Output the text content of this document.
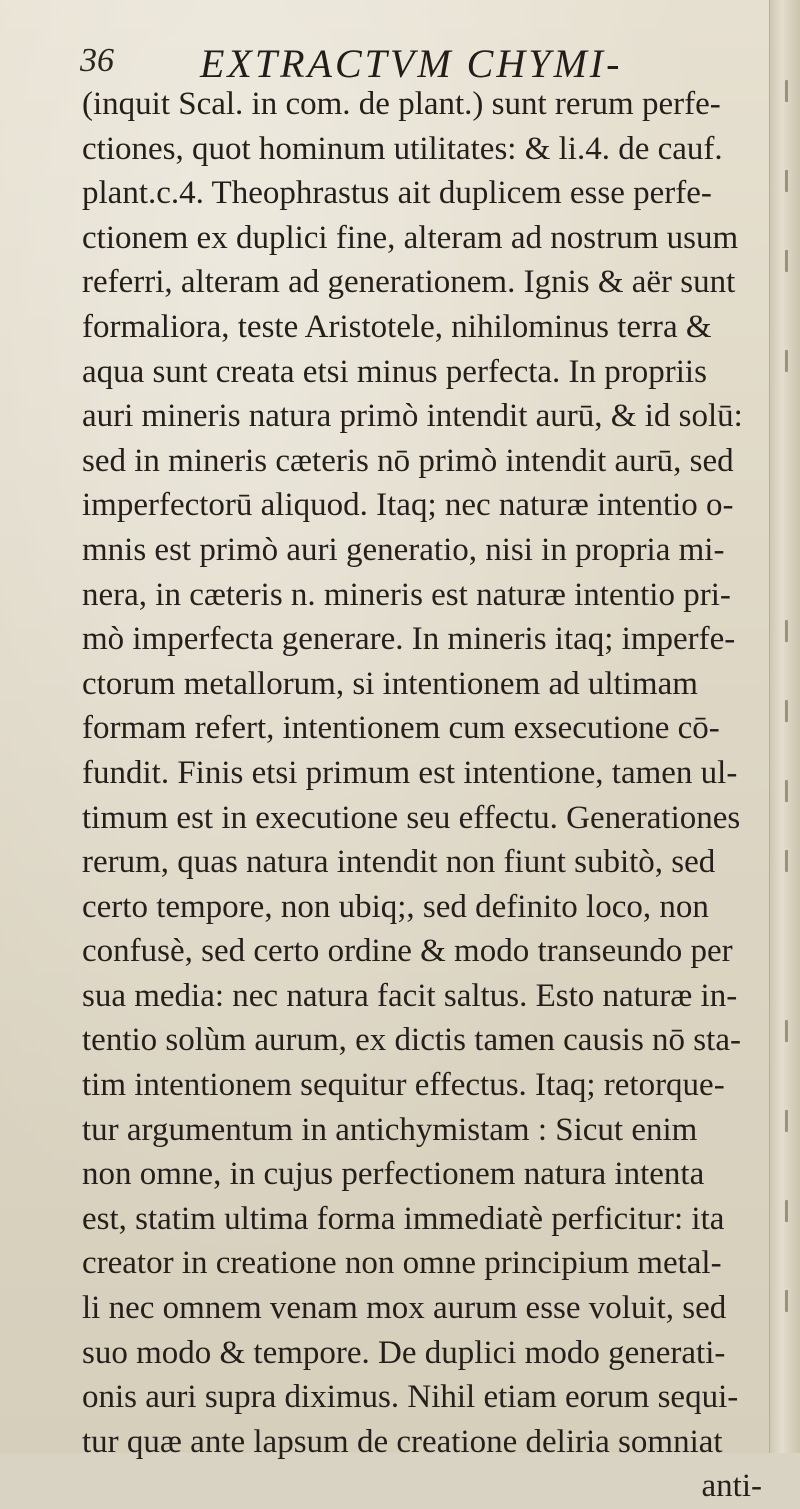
36 EXTRACTVM CHYMI-
(inquit Scal. in com. de plant.) sunt rerum perfe-
ctiones, quot hominum utilitates: & li.4. de cauf.
plant.c.4. Theophrastus ait duplicem esse perfe-
ctionem ex duplici fine, alteram ad nostrum usum
referri, alteram ad generationem. Ignis & aër sunt
formaliora, teste Aristotele, nihilominus terra &
aqua sunt creata etsi minus perfecta. In propriis
auri mineris natura primò intendit aurū, & id solū:
sed in mineris cæteris nō primò intendit aurū, sed
imperfectorū aliquod. Itaq; nec naturæ intentio o-
mnis est primò auri generatio, nisi in propria mi-
nera, in cæteris n. mineris est naturæ intentio pri-
mò imperfecta generare. In mineris itaq; imperfe-
ctorum metallorum, si intentionem ad ultimam
formam refert, intentionem cum exsecutione cō-
fundit. Finis etsi primum est intentione, tamen ul-
timum est in executione seu effectu. Generationes
rerum, quas natura intendit non fiunt subitò, sed
certo tempore, non ubiq;, sed definito loco, non
confusè, sed certo ordine & modo transeundo per
sua media: nec natura facit saltus. Esto naturæ in-
tentio solùm aurum, ex dictis tamen causis nō sta-
tim intentionem sequitur effectus. Itaq; retorque-
tur argumentum in antichymistam : Sicut enim
non omne, in cujus perfectionem natura intenta
est, statim ultima forma immediatè perficitur: ita
creator in creatione non omne principium metal-
li nec omnem venam mox aurum esse voluit, sed
suo modo & tempore. De duplici modo generati-
onis auri supra diximus. Nihil etiam eorum sequi-
tur quæ ante lapsum de creatione deliria somniat
anti-
